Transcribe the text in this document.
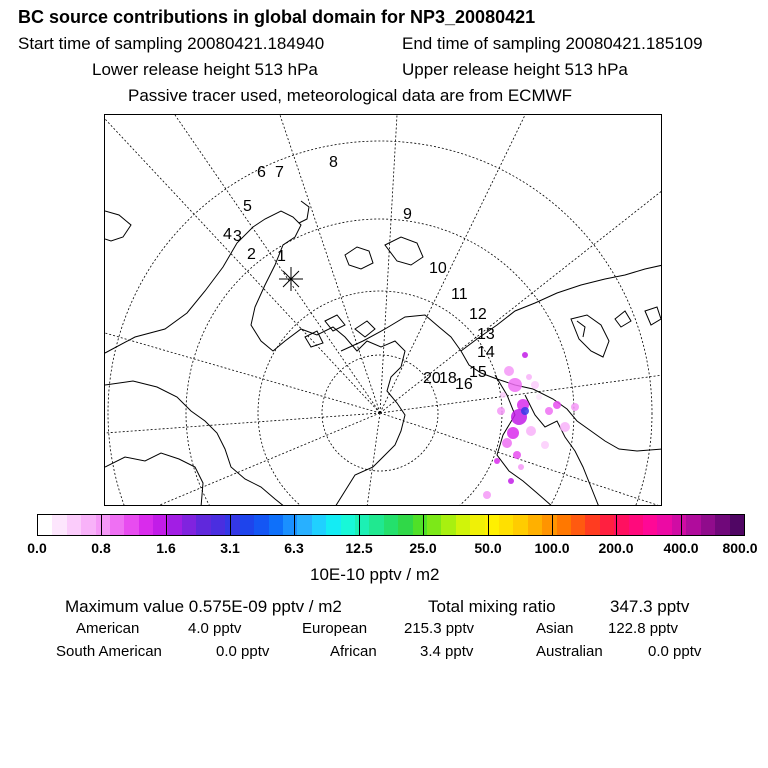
BC source contributions in global domain for NP3_20080421
Start time of sampling 20080421.184940	End time of sampling 20080421.185109
Lower release height 513 hPa	Upper release height 513 hPa
Passive tracer used, meteorological data are from ECMWF
1
2
3
4
5
6 7
8
9
10
11
12
13
14
15
16
18
20
0.0	0.8	1.6	3.1	6.3	12.5	25.0	50.0 100.0 200.0 400.0 800.0
10E-10 pptv / m2
Maximum value 0.575E-09 pptv / m2	Total mixing ratio	347.3 pptv
American	4.0 pptv	European 215.3 pptv	Asian 122.8 pptv
South American	0.0 pptv	African	3.4 pptv	Australian	0.0 pptv
